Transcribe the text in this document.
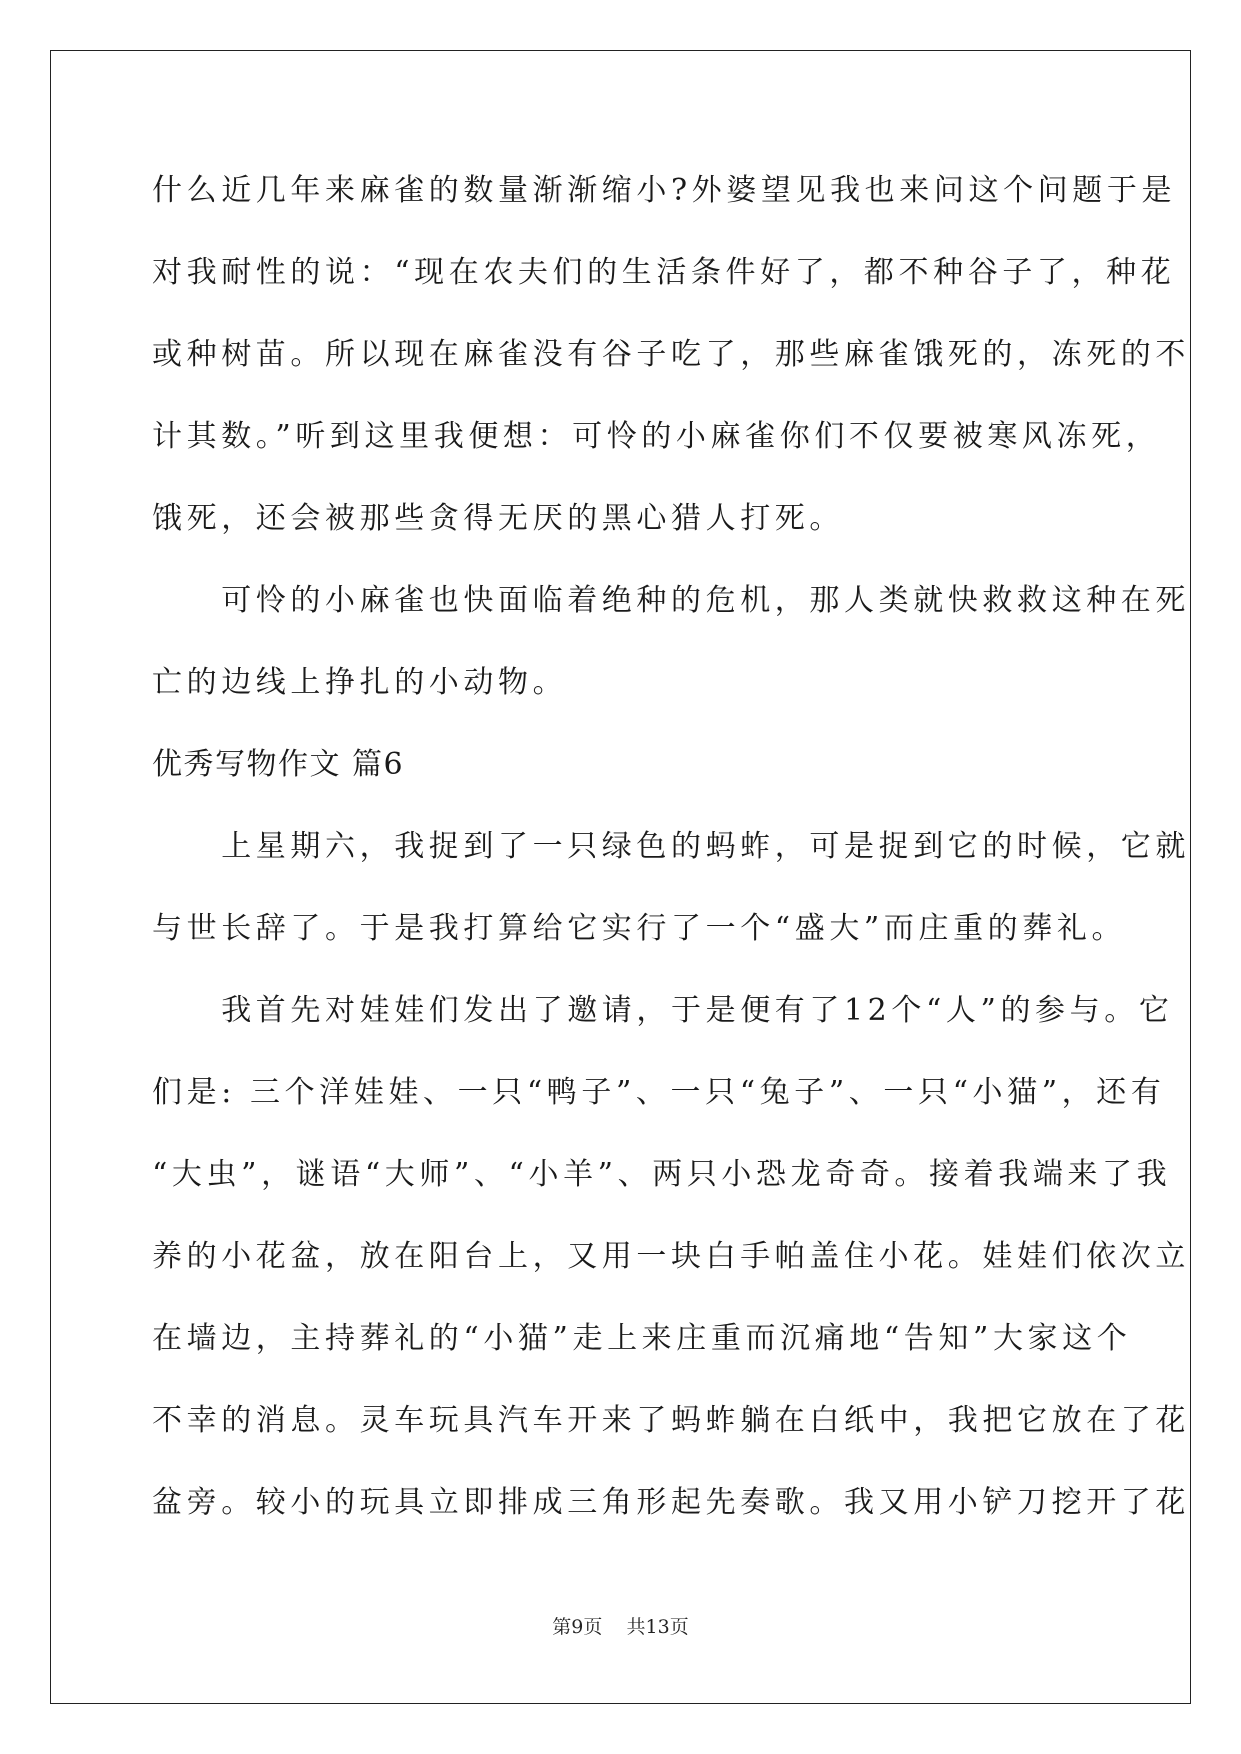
什么近几年来麻雀的数量渐渐缩小?外婆望见我也来问这个问题于是
对我耐性的说：“现在农夫们的生活条件好了，都不种谷子了，种花
或种树苗。所以现在麻雀没有谷子吃了，那些麻雀饿死的，冻死的不
计其数。”听到这里我便想：可怜的小麻雀你们不仅要被寒风冻死，
饿死，还会被那些贪得无厌的黑心猎人打死。
　　可怜的小麻雀也快面临着绝种的危机，那人类就快救救这种在死
亡的边线上挣扎的小动物。
优秀写物作文 篇6
　　上星期六，我捉到了一只绿色的蚂蚱，可是捉到它的时候，它就
与世长辞了。于是我打算给它实行了一个“盛大”而庄重的葬礼。
　　我首先对娃娃们发出了邀请，于是便有了12个“人”的参与。它
们是: 三个洋娃娃、一只“鸭子”、一只“兔子”、一只“小猫”，还有
“大虫”，谜语“大师”、“小羊”、两只小恐龙奇奇。接着我端来了我
养的小花盆，放在阳台上，又用一块白手帕盖住小花。娃娃们依次立
在墙边，主持葬礼的“小猫”走上来庄重而沉痛地“告知”大家这个
不幸的消息。灵车玩具汽车开来了蚂蚱躺在白纸中，我把它放在了花
盆旁。较小的玩具立即排成三角形起先奏歌。我又用小铲刀挖开了花
第9页    共13页
